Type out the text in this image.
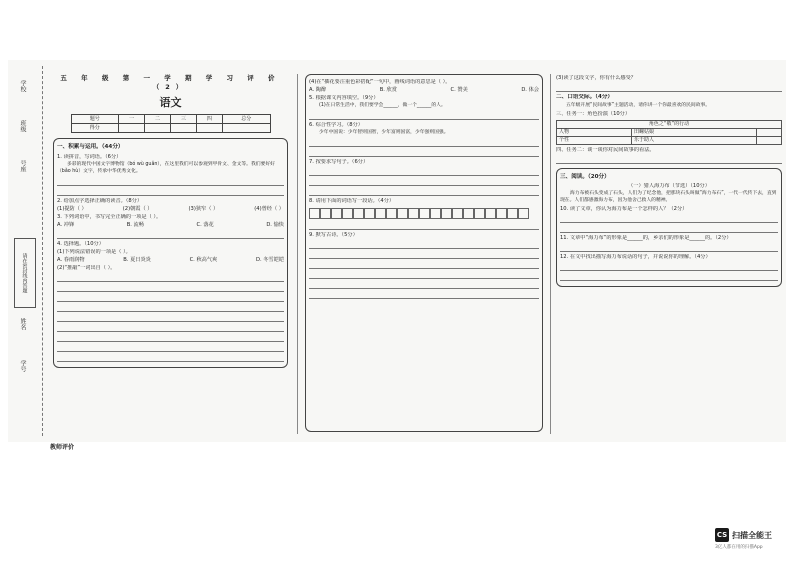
学校
班级
号座
请在密封线内答题
姓名
学号
五 年 级 第 一 学 期 学 习 评 价 （2）
语文
题号	一	二	三	四	总分
得分					
一、积累与运用。（44分）
1. 读拼音，写词语。（6分）
多彩的现代中国文字博物馆（bó wù guǎn），在这里我们可以参观到甲骨文、金文等。我们要好好（bǎo hù）文字，传承中华优秀文化。
2. 给加点字选择正确的读音。（8分）
(1)提防（ ）	(2)朝霞（ ）	(3)狭窄（ ）	(4)曾经（ ）
3. 下列词语中，书写完全正确的一项是（ ）。
A. 冲锋	B. 流畅	C. 落花	D. 愉快
4. 选择题。（10分）
(1)下列说法错误的一项是（ ）。
A. 春雨润物	B. 夏日炎炎	C. 秋高气爽	D. 冬雪皑皑
(2)“推敲”一词出自（ ）。
(4)在“插花要注重色彩搭配”一句中，画线词语的意思是（ ）。
A. 陶醉	B. 欣赏	C. 赞美	D. 体会
5. 根据课文内容填空。（9分）
(1)在日常生活中，我们要学会______，做一个______的人。
6. 综合性学习。（8分）
少年中国说：少年智则国智，少年富则国富，少年强则国强。
7. 按要求写句子。（6分）
8. 请用下面的词语写一段话。（4分）
9. 默写古诗。（5分）
(3)读了这段文字，你有什么感受？
二、口语交际。（4分）
五年级开展“民间故事”主题活动，请你讲一个你最喜欢的民间故事。
三、任务一：角色扮演（10分）
角色之“敬”的行动		
人物	田螺姑娘	
个性	乐于助人	
四、任务二：谈一谈你对民间故事的看法。
三、阅读。（20分）
（一）猎人海力布（节选）（10分）
海力布被石头变成了石头，人们为了纪念他，把那块石头叫做“海力布石”，一代一代传下去，直到现在。人们都感激海力布，因为他舍己救人的精神。
10. 读了文章，你认为海力布是一个怎样的人？（2分）
11. 文章中“海力布”的形象是______的，乡亲们的形象是______的。（2分）
12. 在文中找出描写海力布说话的句子，并说说你的理解。（4分）
教师评价
CS 扫描全能王
3亿人都在用的扫描App
